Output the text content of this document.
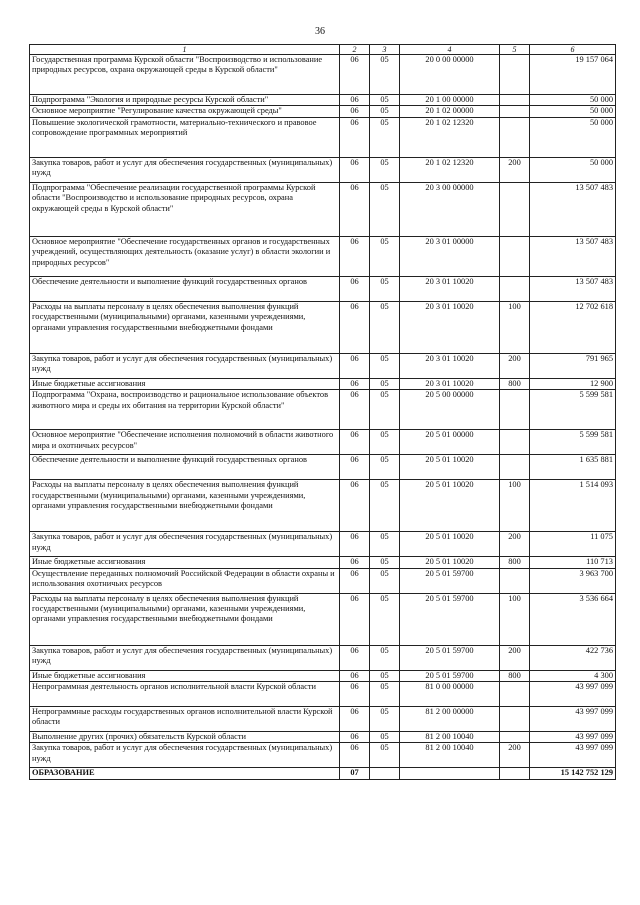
36
1	2	3	4	5	6
Государственная программа Курской области "Воспроизводство и использование природных ресурсов, охрана окружающей среды в Курской области"	06	05	20 0 00 00000		19 157 064
Подпрограмма "Экология и природные ресурсы Курской области"	06	05	20 1 00 00000		50 000
Основное мероприятие "Регулирование качества окружающей среды"	06	05	20 1 02 00000		50 000
Повышение экологической грамотности, материально-технического и правовое сопровождение программных мероприятий	06	05	20 1 02 12320		50 000
Закупка товаров, работ и услуг для обеспечения государственных (муниципальных) нужд	06	05	20 1 02 12320	200	50 000
Подпрограмма "Обеспечение реализации государственной программы Курской области "Воспроизводство и использование природных ресурсов, охрана окружающей среды в Курской области"	06	05	20 3 00 00000		13 507 483
Основное мероприятие "Обеспечение государственных органов и государственных учреждений, осуществляющих деятельность (оказание услуг) в области экологии и природных ресурсов"	06	05	20 3 01 00000		13 507 483
Обеспечение деятельности и выполнение функций государственных органов	06	05	20 3 01 10020		13 507 483
Расходы на выплаты персоналу в целях обеспечения выполнения функций государственными (муниципальными) органами, казенными учреждениями, органами управления государственными внебюджетными фондами	06	05	20 3 01 10020	100	12 702 618
Закупка товаров, работ и услуг для обеспечения государственных (муниципальных) нужд	06	05	20 3 01 10020	200	791 965
Иные бюджетные ассигнования	06	05	20 3 01 10020	800	12 900
Подпрограмма "Охрана, воспроизводство и рациональное использование объектов животного мира и среды их обитания на территории Курской области"	06	05	20 5 00 00000		5 599 581
Основное мероприятие "Обеспечение исполнения полномочий в области животного мира и охотничьих ресурсов"	06	05	20 5 01 00000		5 599 581
Обеспечение деятельности и выполнение функций государственных органов	06	05	20 5 01 10020		1 635 881
Расходы на выплаты персоналу в целях обеспечения выполнения функций государственными (муниципальными) органами, казенными учреждениями, органами управления государственными внебюджетными фондами	06	05	20 5 01 10020	100	1 514 093
Закупка товаров, работ и услуг для обеспечения государственных (муниципальных) нужд	06	05	20 5 01 10020	200	11 075
Иные бюджетные ассигнования	06	05	20 5 01 10020	800	110 713
Осуществление переданных полномочий Российской Федерации в области охраны и использования охотничьих ресурсов	06	05	20 5 01 59700		3 963 700
Расходы на выплаты персоналу в целях обеспечения выполнения функций государственными (муниципальными) органами, казенными учреждениями, органами управления государственными внебюджетными фондами	06	05	20 5 01 59700	100	3 536 664
Закупка товаров, работ и услуг для обеспечения государственных (муниципальных) нужд	06	05	20 5 01 59700	200	422 736
Иные бюджетные ассигнования	06	05	20 5 01 59700	800	4 300
Непрограммная деятельность органов исполнительной власти Курской области	06	05	81 0 00 00000		43 997 099
Непрограммные расходы государственных органов исполнительной власти Курской области	06	05	81 2 00 00000		43 997 099
Выполнение других (прочих) обязательств Курской области	06	05	81 2 00 10040		43 997 099
Закупка товаров, работ и услуг для обеспечения государственных (муниципальных) нужд	06	05	81 2 00 10040	200	43 997 099
ОБРАЗОВАНИЕ	07				15 142 752 129
